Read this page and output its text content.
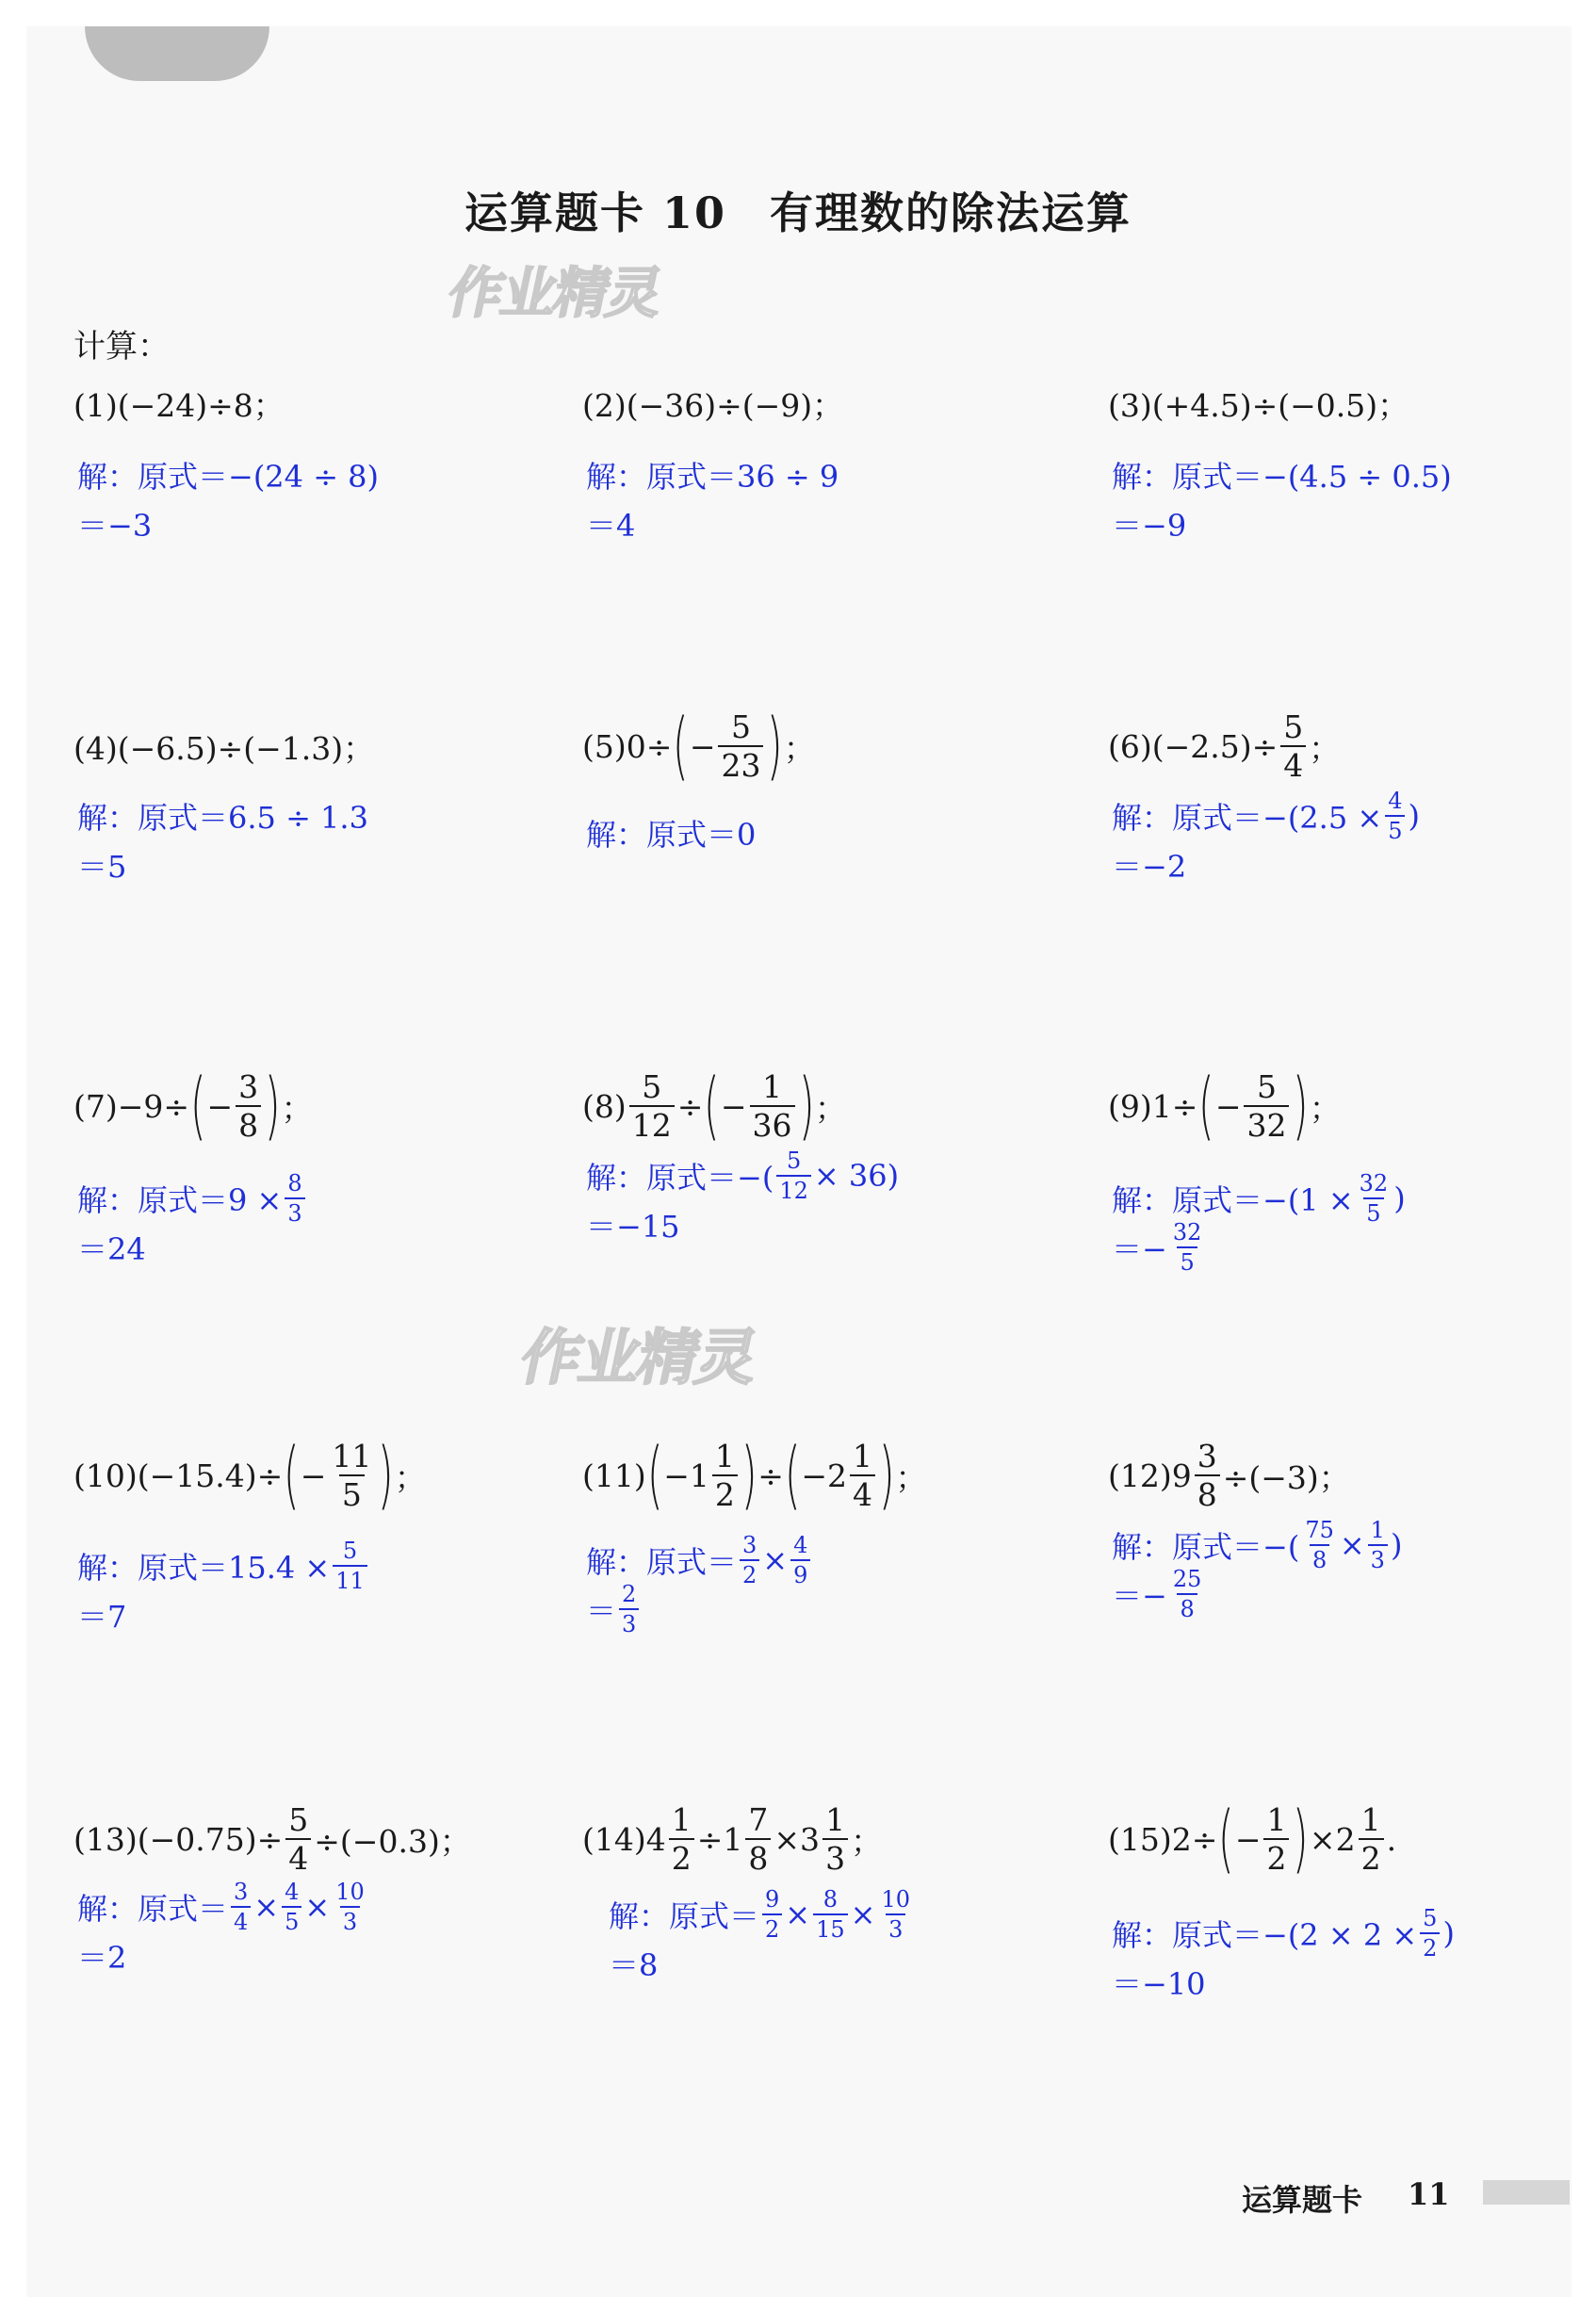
运算题卡 10 有理数的除法运算
作业精灵
作业精灵
计算：
(1)(−24)÷8；
解：原式＝−(24 ÷ 8)
＝−3
(2)(−36)÷(−9)；
解：原式＝36 ÷ 9
＝4
(3)(+4.5)÷(−0.5)；
解：原式＝−(4.5 ÷ 0.5)
＝−9
(4)(−6.5)÷(−1.3)；
解：原式＝6.5 ÷ 1.3
＝5
(5)0÷ ( − $\frac{5}{23}$ ) ；
解：原式＝0
$(6)(-2.5)\div \frac{5}{4}$ ；
解：原式$=-(2.5 \times \frac{4}{5}$ )
＝−2
(7)−9÷ ( − $\frac{3}{8}$ ) ；
解：原式$=9 \times \frac{8}{3}$
＝24
$(8) \frac{5}{12}$ ÷ ( − $\frac{1}{36}$ ) ；
解：原式＝−( $\frac{5}{12} \times 36$)
＝−15
(9)1÷ ( − $\frac{5}{32}$ ) ；
解：原式$=-(1 \times \frac{32}{5}$ )
＝− $\frac{32}{5}$
(10)(−15.4)÷ ( − $\frac{11}{5}$ ) ；
解：原式$=15.4 \times \frac{5}{11}$
＝7
(11) ( $-1 \frac{1}{2}$ ) ÷ ( $-2 \frac{1}{4}$ ) ；
解：原式＝ $\frac{3}{2} \times \frac{4}{9}$
＝ $\frac{2}{3}$
$(12)9 \frac{3}{8} \div(-3)$；
解：原式＝−( $\frac{75}{8} \times \frac{1}{3}$ )
＝− $\frac{25}{8}$
$(13)(-0.75)\div \frac{5}{4} \div(-0.3)$；
解：原式＝ $\frac{3}{4} \times \frac{4}{5} \times \frac{10}{3}$
＝2
$(14)4 \frac{1}{2} \div 1 \frac{7}{8} \times 3 \frac{1}{3}$ ；
解：原式＝ $\frac{9}{2} \times \frac{8}{15} \times \frac{10}{3}$
＝8
(15)2÷ ( − $\frac{1}{2}$ ) $\times 2 \frac{1}{2}$ .
解：原式$=-(2 \times 2 \times \frac{5}{2}$ )
＝−10
运算题卡 11
